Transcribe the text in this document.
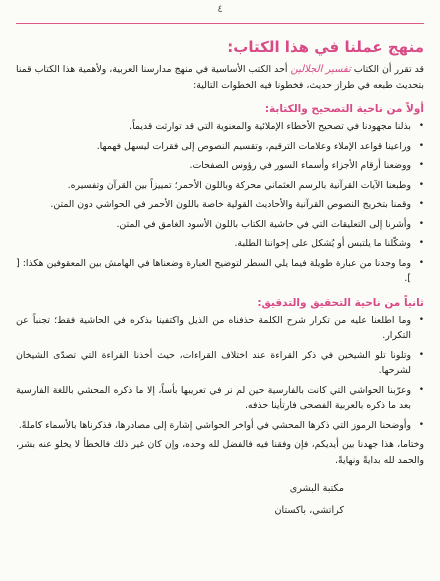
٤
منهج عملنا في هذا الكتاب:

قد تقرر أن الكتاب تفسير الجلالين أحد الكتب الأساسية في منهج مدارسنا العربية، ولأهمية هذا الكتاب قمنا بتحديث طبعه في طراز حديث، فخطونا فيه الخطوات التالية:

أولاً من ناحية التصحيح والكتابة:
•
بذلنا مجهودنا في تصحيح الأخطاء الإملائية والمعنوية التي قد توارثت قديماً.
•
وراعينا قواعد الإملاء وعلامات الترقيم، وتقسيم النصوص إلى فقرات ليسهل فهمها.
•
ووضعنا أرقام الأجزاء وأسماء السور في رؤوس الصفحات.
•
وطبعنا الآيات القرآنية بالرسم العثماني محركة وباللون الأحمر؛ تمييزاً بين القرآن وتفسيره.
•
وقمنا بتخريج النصوص القرآنية والأحاديث القولية خاصة باللون الأحمر في الحواشي دون المتن.
•
وأشرنا إلى التعليقات التي في حاشية الكتاب باللون الأسود الغامق في المتن.
•
وشكّلنا ما يلتبس أو يُشكل على إخواننا الطلبة.
•
وما وجدنا من عبارة طويلة فيما يلي السطر لتوضيح العبارة وضعناها في الهامش بين المعقوفين هكذا: [ ].
ثانياً من ناحية التحقيق والتدقيق:
•
وما اطلعنا عليه من تكرار شرح الكلمة حذفناه من الذيل واكتفينا بذكره في الحاشية فقط؛ تجنباً عن التكرار.
•
وتلونا تلو الشيخين في ذكر القراءة عند اختلاف القراءات، حيث أخذنا القراءة التي تصدّى الشيخان لشرحها.
•
وعرّبنا الحواشي التي كانت بالفارسية حين لم نر في تعريبها بأساً، إلا ما ذكره المحشي باللغة الفارسية بعد ما ذكره بالعربية الفصحى فارتأينا حذفه.
•
وأوضحنا الرموز التي ذكرها المحشي في أواخر الحواشي إشارة إلى مصادرها، فذكرناها بالأسماء كاملةً.

وختاما، هذا جهدنا بين أيديكم، فإن وفقنا فيه فالفضل لله وحده، وإن كان غير ذلك فالخطأ لا يخلو عنه بشر، والحمد لله بدايةً ونهايةً.

مكتبة البشرى
كراتشي، باكستان
